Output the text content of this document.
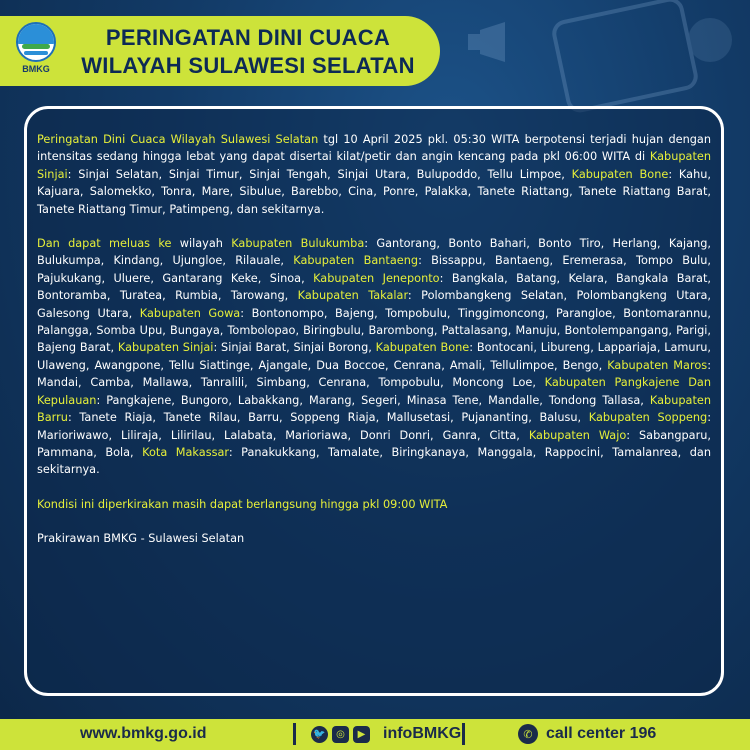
BMKG
PERINGATAN DINI CUACA
WILAYAH SULAWESI SELATAN

Peringatan Dini Cuaca Wilayah Sulawesi Selatan tgl 10 April 2025 pkl. 05:30 WITA berpotensi terjadi hujan dengan intensitas sedang hingga lebat yang dapat disertai kilat/petir dan angin kencang pada pkl 06:00 WITA di Kabupaten Sinjai: Sinjai Selatan, Sinjai Timur, Sinjai Tengah, Sinjai Utara, Bulupoddo, Tellu Limpoe, Kabupaten Bone: Kahu, Kajuara, Salomekko, Tonra, Mare, Sibulue, Barebbo, Cina, Ponre, Palakka, Tanete Riattang, Tanete Riattang Barat, Tanete Riattang Timur, Patimpeng, dan sekitarnya.

Dan dapat meluas ke wilayah Kabupaten Bulukumba: Gantorang, Bonto Bahari, Bonto Tiro, Herlang, Kajang, Bulukumpa, Kindang, Ujungloe, Rilauale, Kabupaten Bantaeng: Bissappu, Bantaeng, Eremerasa, Tompo Bulu, Pajukukang, Uluere, Gantarang Keke, Sinoa, Kabupaten Jeneponto: Bangkala, Batang, Kelara, Bangkala Barat, Bontoramba, Turatea, Rumbia, Tarowang, Kabupaten Takalar: Polombangkeng Selatan, Polombangkeng Utara, Galesong Utara, Kabupaten Gowa: Bontonompo, Bajeng, Tompobulu, Tinggimoncong, Parangloe, Bontomarannu, Palangga, Somba Upu, Bungaya, Tombolopao, Biringbulu, Barombong, Pattalasang, Manuju, Bontolempangang, Parigi, Bajeng Barat, Kabupaten Sinjai: Sinjai Barat, Sinjai Borong, Kabupaten Bone: Bontocani, Libureng, Lappariaja, Lamuru, Ulaweng, Awangpone, Tellu Siattinge, Ajangale, Dua Boccoe, Cenrana, Amali, Tellulimpoe, Bengo, Kabupaten Maros: Mandai, Camba, Mallawa, Tanralili, Simbang, Cenrana, Tompobulu, Moncong Loe, Kabupaten Pangkajene Dan Kepulauan: Pangkajene, Bungoro, Labakkang, Marang, Segeri, Minasa Tene, Mandalle, Tondong Tallasa, Kabupaten Barru: Tanete Riaja, Tanete Rilau, Barru, Soppeng Riaja, Mallusetasi, Pujananting, Balusu, Kabupaten Soppeng: Marioriwawo, Liliraja, Lilirilau, Lalabata, Marioriawa, Donri Donri, Ganra, Citta, Kabupaten Wajo: Sabangparu, Pammana, Bola, Kota Makassar: Panakukkang, Tamalate, Biringkanaya, Manggala, Rappocini, Tamalanrea, dan sekitarnya.

Kondisi ini diperkirakan masih dapat berlangsung hingga pkl 09:00 WITA

Prakirawan BMKG - Sulawesi Selatan

www.bmkg.go.id	🐦	◎	▶ infoBMKG	✆ call center 196
